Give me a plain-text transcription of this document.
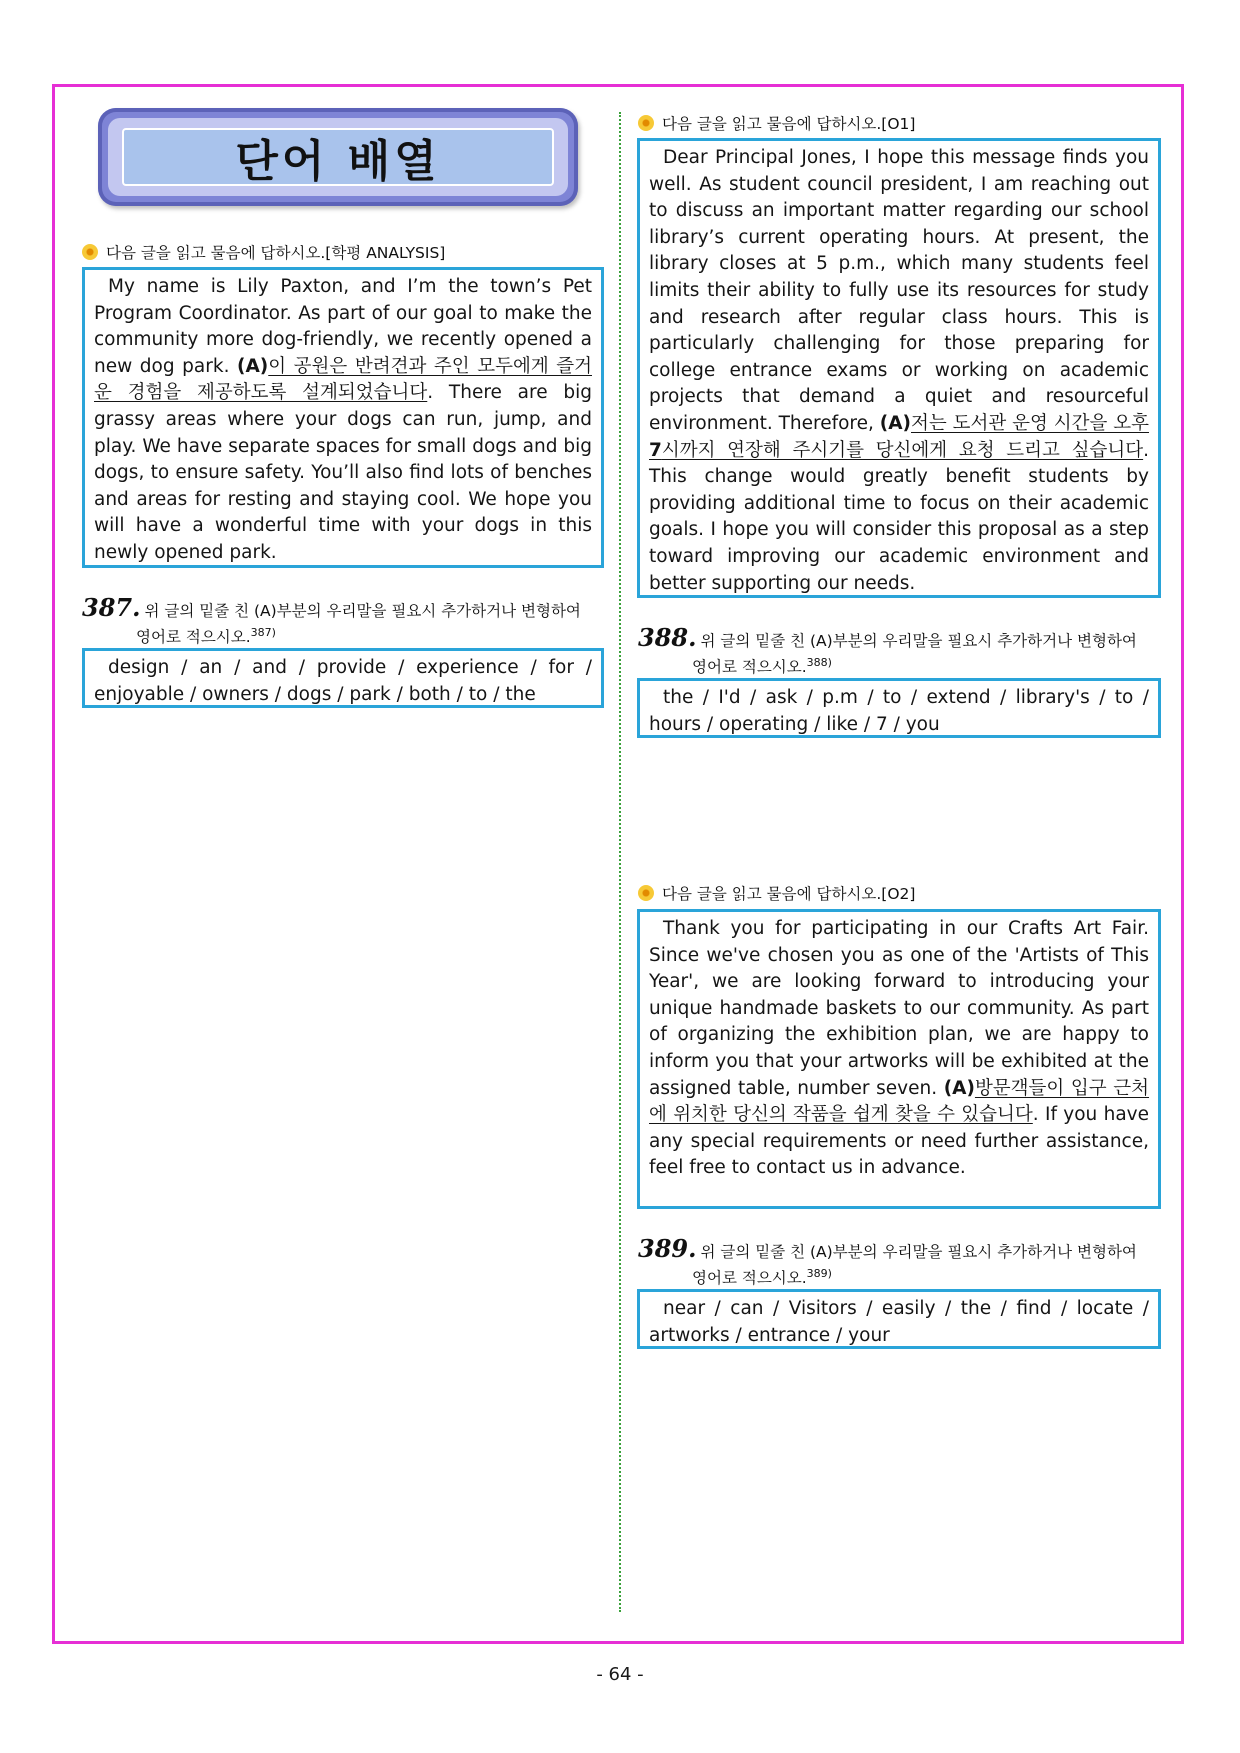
단어 배열
다음 글을 읽고 물음에 답하시오.[학평 ANALYSIS]

My name is Lily Paxton, and I’m the town’s Pet Program Coordinator. As part of our goal to make the community more dog-friendly, we recently opened a new dog park. (A)이 공원은 반려견과 주인 모두에게 즐거운 경험을 제공하도록 설계되었습니다. There are big grassy areas where your dogs can run, jump, and play. We have separate spaces for small dogs and big dogs, to ensure safety. You’ll also find lots of benches and areas for resting and staying cool. We hope you will have a wonderful time with your dogs in this newly opened park.

387. 위 글의 밑줄 친 (A)부분의 우리말을 필요시 추가하거나 변형하여
영어로 적으시오.$^{387)}$

design / an / and / provide / experience / for / enjoyable / owners / dogs / park / both / to / the

다음 글을 읽고 물음에 답하시오.[O1]

Dear Principal Jones, I hope this message finds you well. As student council president, I am reaching out to discuss an important matter regarding our school library’s current operating hours. At present, the library closes at 5 p.m., which many students feel limits their ability to fully use its resources for study and research after regular class hours. This is particularly challenging for those preparing for college entrance exams or working on academic projects that demand a quiet and resourceful environment. Therefore, (A)저는 도서관 운영 시간을 오후 7시까지 연장해 주시기를 당신에게 요청 드리고 싶습니다. This change would greatly benefit students by providing additional time to focus on their academic goals. I hope you will consider this proposal as a step toward improving our academic environment and better supporting our needs.

388. 위 글의 밑줄 친 (A)부분의 우리말을 필요시 추가하거나 변형하여
영어로 적으시오.$^{388)}$

the / I'd / ask / p.m / to / extend / library's / to / hours / operating / like / 7 / you

다음 글을 읽고 물음에 답하시오.[O2]

Thank you for participating in our Crafts Art Fair. Since we've chosen you as one of the 'Artists of This Year', we are looking forward to introducing your unique handmade baskets to our community. As part of organizing the exhibition plan, we are happy to inform you that your artworks will be exhibited at the assigned table, number seven. (A)방문객들이 입구 근처에 위치한 당신의 작품을 쉽게 찾을 수 있습니다. If you have any special requirements or need further assistance, feel free to contact us in advance.

389. 위 글의 밑줄 친 (A)부분의 우리말을 필요시 추가하거나 변형하여
영어로 적으시오.$^{389)}$

near / can / Visitors / easily / the / find / locate / artworks / entrance / your

- 64 -
